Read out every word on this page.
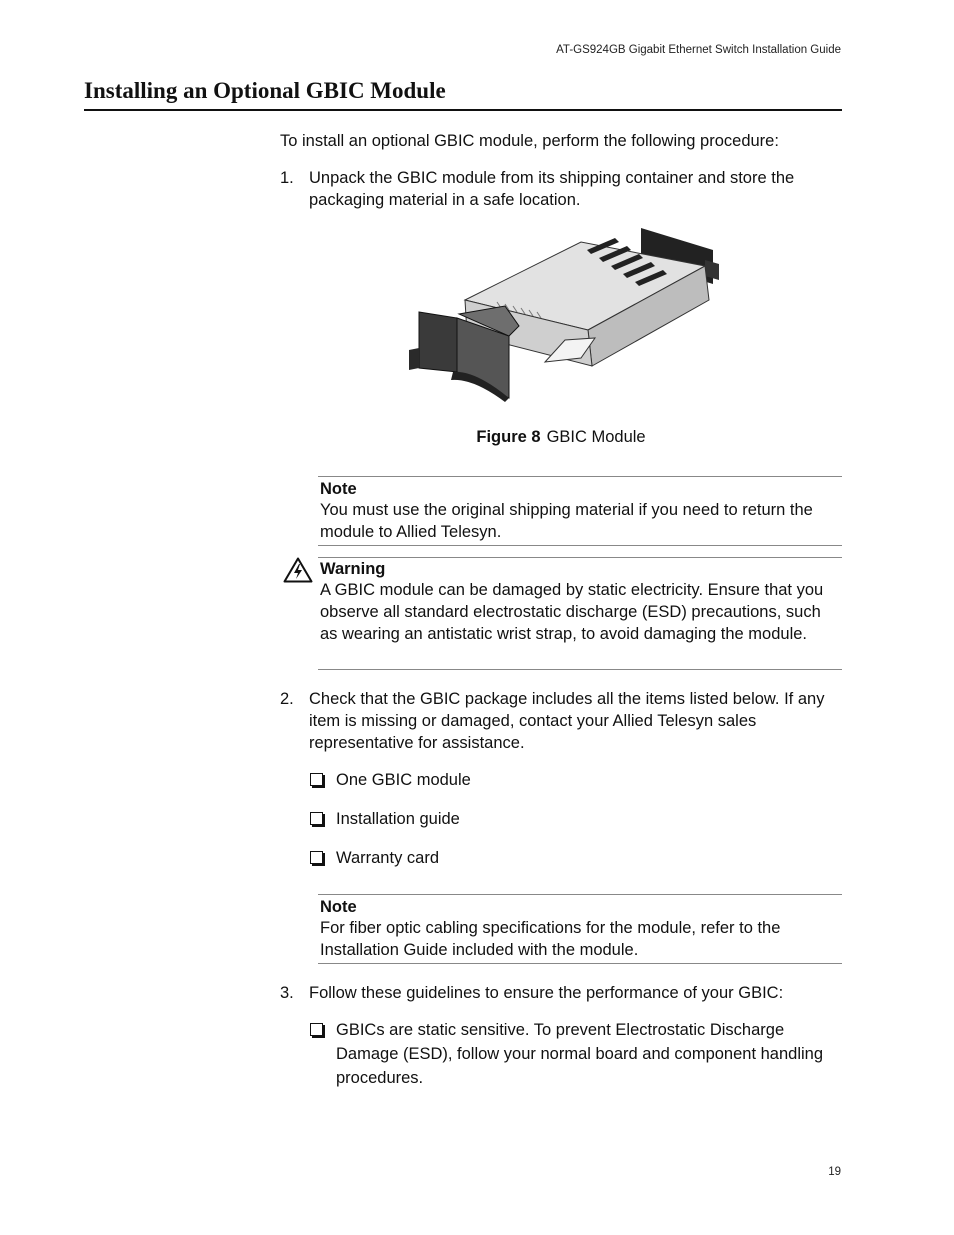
AT-GS924GB Gigabit Ethernet Switch Installation Guide
Installing an Optional GBIC Module
To install an optional GBIC module, perform the following procedure:
1. Unpack the GBIC module from its shipping container and store the packaging material in a safe location.
Figure 8 GBIC Module
Note
You must use the original shipping material if you need to return the module to Allied Telesyn.
Warning
A GBIC module can be damaged by static electricity. Ensure that you observe all standard electrostatic discharge (ESD) precautions, such as wearing an antistatic wrist strap, to avoid damaging the module.
2. Check that the GBIC package includes all the items listed below. If any item is missing or damaged, contact your Allied Telesyn sales representative for assistance.
One GBIC module
Installation guide
Warranty card
Note
For fiber optic cabling specifications for the module, refer to the Installation Guide included with the module.
3. Follow these guidelines to ensure the performance of your GBIC:
GBICs are static sensitive. To prevent Electrostatic Discharge Damage (ESD), follow your normal board and component handling procedures.
19
